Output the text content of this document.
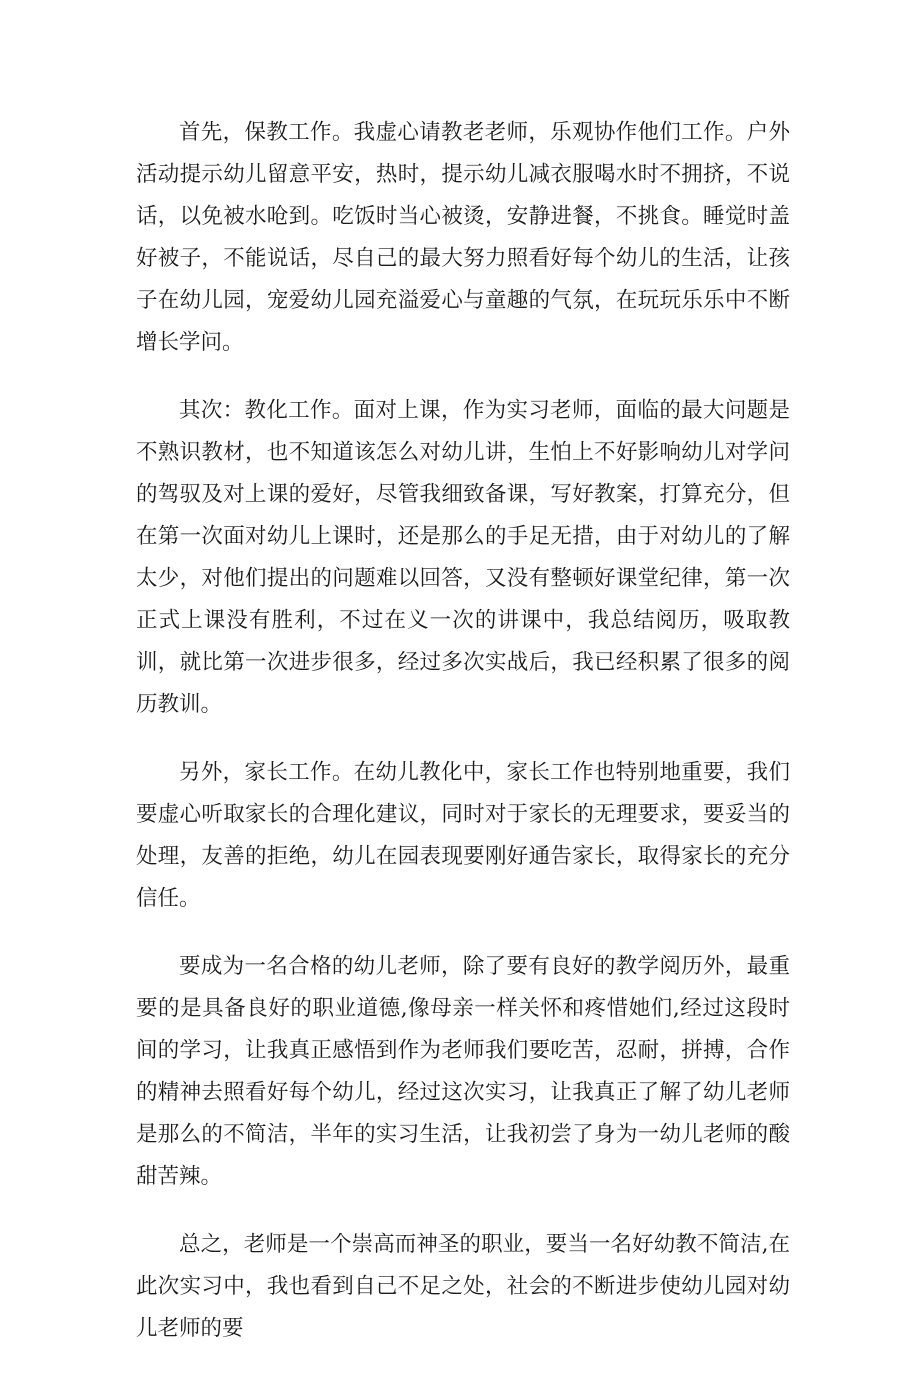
首先，保教工作。我虚心请教老老师，乐观协作他们工作。户外活动提示幼儿留意平安，热时，提示幼儿减衣服喝水时不拥挤，不说话，以免被水呛到。吃饭时当心被烫，安静进餐，不挑食。睡觉时盖好被子，不能说话，尽自己的最大努力照看好每个幼儿的生活，让孩子在幼儿园，宠爱幼儿园充溢爱心与童趣的气氛，在玩玩乐乐中不断增长学问。

其次：教化工作。面对上课，作为实习老师，面临的最大问题是不熟识教材，也不知道该怎么对幼儿讲，生怕上不好影响幼儿对学问的驾驭及对上课的爱好，尽管我细致备课，写好教案，打算充分，但在第一次面对幼儿上课时，还是那么的手足无措，由于对幼儿的了解太少，对他们提出的问题难以回答，又没有整顿好课堂纪律，第一次正式上课没有胜利，不过在义一次的讲课中，我总结阅历，吸取教训，就比第一次进步很多，经过多次实战后，我已经积累了很多的阅历教训。

另外，家长工作。在幼儿教化中，家长工作也特别地重要，我们要虚心听取家长的合理化建议，同时对于家长的无理要求，要妥当的处理，友善的拒绝，幼儿在园表现要刚好通告家长，取得家长的充分信任。

要成为一名合格的幼儿老师，除了要有良好的教学阅历外，最重要的是具备良好的职业道德,像母亲一样关怀和疼惜她们,经过这段时间的学习，让我真正感悟到作为老师我们要吃苦，忍耐，拼搏，合作的精神去照看好每个幼儿，经过这次实习，让我真正了解了幼儿老师是那么的不简洁，半年的实习生活，让我初尝了身为一幼儿老师的酸甜苦辣。

总之，老师是一个崇高而神圣的职业，要当一名好幼教不简洁,在此次实习中，我也看到自己不足之处，社会的不断进步使幼儿园对幼儿老师的要
